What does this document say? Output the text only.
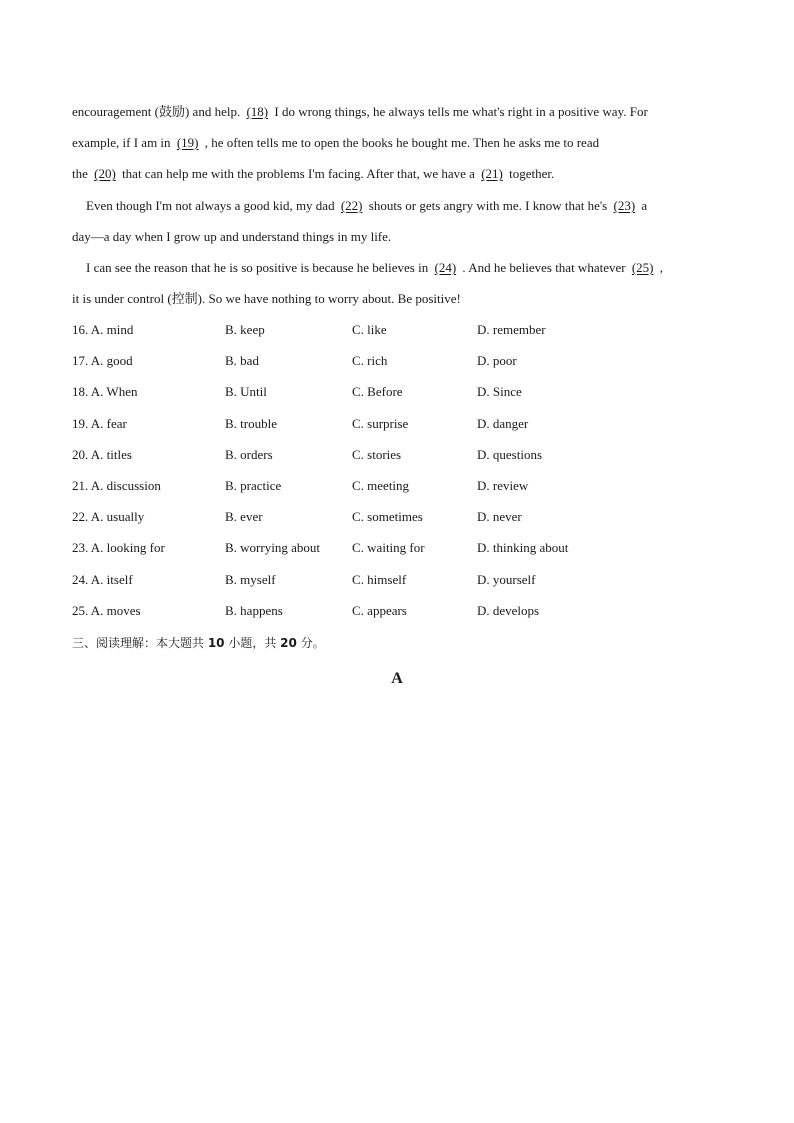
encouragement (鼓励) and help. (18) I do wrong things, he always tells me what's right in a positive way. For
example, if I am in (19) , he often tells me to open the books he bought me. Then he asks me to read
the (20) that can help me with the problems I'm facing. After that, we have a (21) together.
Even though I'm not always a good kid, my dad (22) shouts or gets angry with me. I know that he's (23) a
day—a day when I grow up and understand things in my life.
I can see the reason that he is so positive is because he believes in (24) . And he believes that whatever (25) ,
it is under control (控制). So we have nothing to worry about. Be positive!
16. A. mind	B. keep	C. like	D. remember
17. A. good	B. bad	C. rich	D. poor
18. A. When	B. Until	C. Before	D. Since
19. A. fear	B. trouble	C. surprise	D. danger
20. A. titles	B. orders	C. stories	D. questions
21. A. discussion	B. practice	C. meeting	D. review
22. A. usually	B. ever	C. sometimes	D. never
23. A. looking for	B. worrying about C. waiting for	D. thinking about
24. A. itself	B. myself	C. himself	D. yourself
25. A. moves	B. happens	C. appears	D. develops
三、阅读理解：本大题共 10 小题，共 20 分。
A
